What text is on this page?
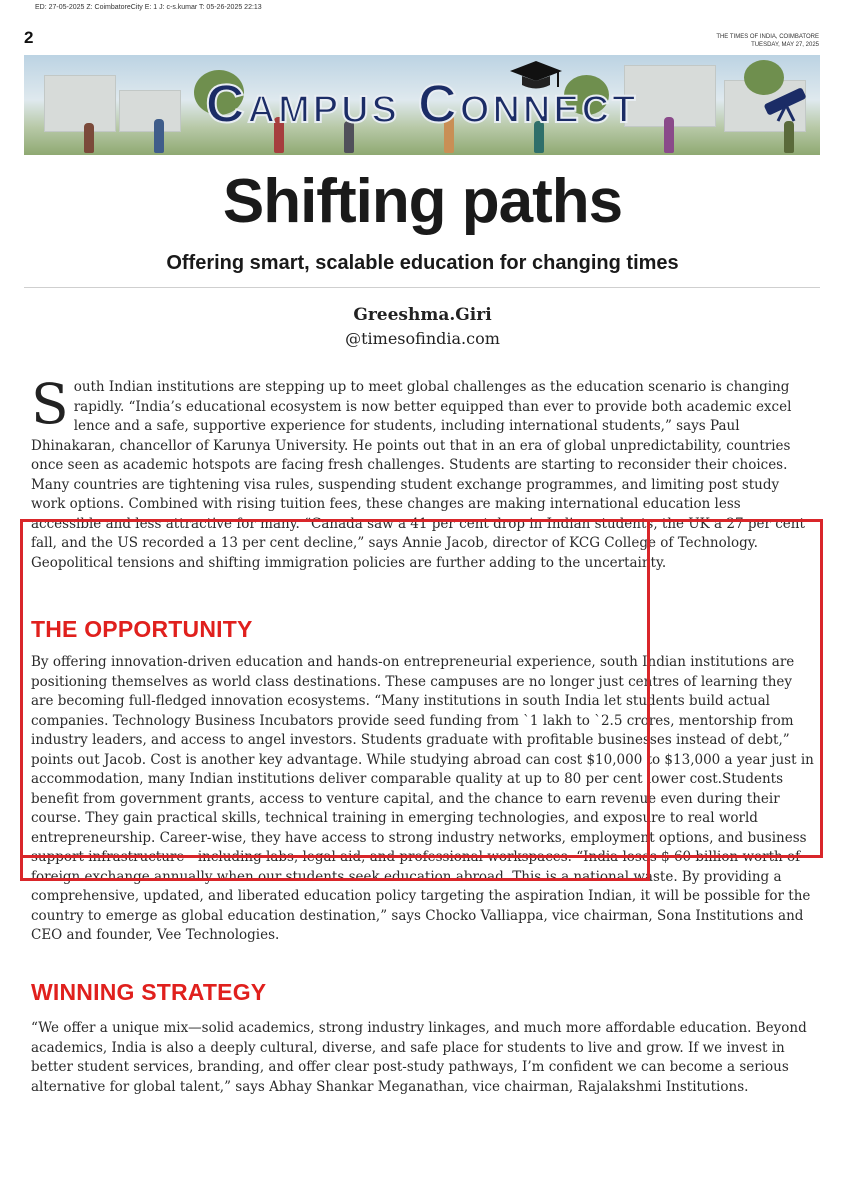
ED: 27-05-2025 Z: CoimbatoreCity E: 1 J: c-s.kumar T: 05-26-2025 22:13
2	THE TIMES OF INDIA, COIMBATORE
TUESDAY, MAY 27, 2025
Campus Connect
Shifting paths
Offering smart, scalable education for changing times
Greeshma.Giri
@timesofindia.com
S outh Indian institutions are stepping up to meet global challenges as the education scenario is changing rapidly. “India’s educational ecosystem is now better equipped than ever to provide both academic excel lence and a safe, supportive experience for students, including international students,” says Paul Dhinakaran, chancellor of Karunya University. He points out that in an era of global unpredictability, countries once seen as academic hotspots are facing fresh challenges. Students are starting to reconsider their choices. Many countries are tightening visa rules, suspending student exchange programmes, and limiting post study work options. Combined with rising tuition fees, these changes are making international education less accessible and less attractive for many. “Canada saw a 41 per cent drop in Indian students, the UK a 27 per cent fall, and the US recorded a 13 per cent decline,” says Annie Jacob, director of KCG College of Technology. Geopolitical tensions and shifting immigration policies are further adding to the uncertainty.
THE OPPORTUNITY
By offering innovation-driven education and hands-on entrepreneurial experience, south Indian institutions are positioning themselves as world class destinations. These campuses are no longer just centres of learning they are becoming full-fledged innovation ecosystems. “Many institutions in south India let students build actual companies. Technology Business Incubators provide seed funding from `1 lakh to `2.5 crores, mentorship from industry leaders, and access to angel investors. Students graduate with profitable businesses instead of debt,” points out Jacob. Cost is another key advantage. While studying abroad can cost $10,000 to $13,000 a year just in accommodation, many Indian institutions deliver comparable quality at up to 80 per cent lower cost.Students benefit from government grants, access to venture capital, and the chance to earn revenue even during their course. They gain practical skills, technical training in emerging technologies, and exposure to real world entrepreneurship. Career-wise, they have access to strong industry networks, employment options, and business support infrastructure—including labs, legal aid, and professional workspaces. “India loses $ 60 billion worth of foreign exchange annually when our students seek education abroad. This is a national waste. By providing a comprehensive, updated, and liberated education policy targeting the aspiration Indian, it will be possible for the country to emerge as global education destination,” says Chocko Valliappa, vice chairman, Sona Institutions and CEO and founder, Vee Technologies.
WINNING STRATEGY
“We offer a unique mix—solid academics, strong industry linkages, and much more affordable education. Beyond academics, India is also a deeply cultural, diverse, and safe place for students to live and grow. If we invest in better student services, branding, and offer clear post-study pathways, I’m confident we can become a serious alternative for global talent,” says Abhay Shankar Meganathan, vice chairman, Rajalakshmi Institutions.
